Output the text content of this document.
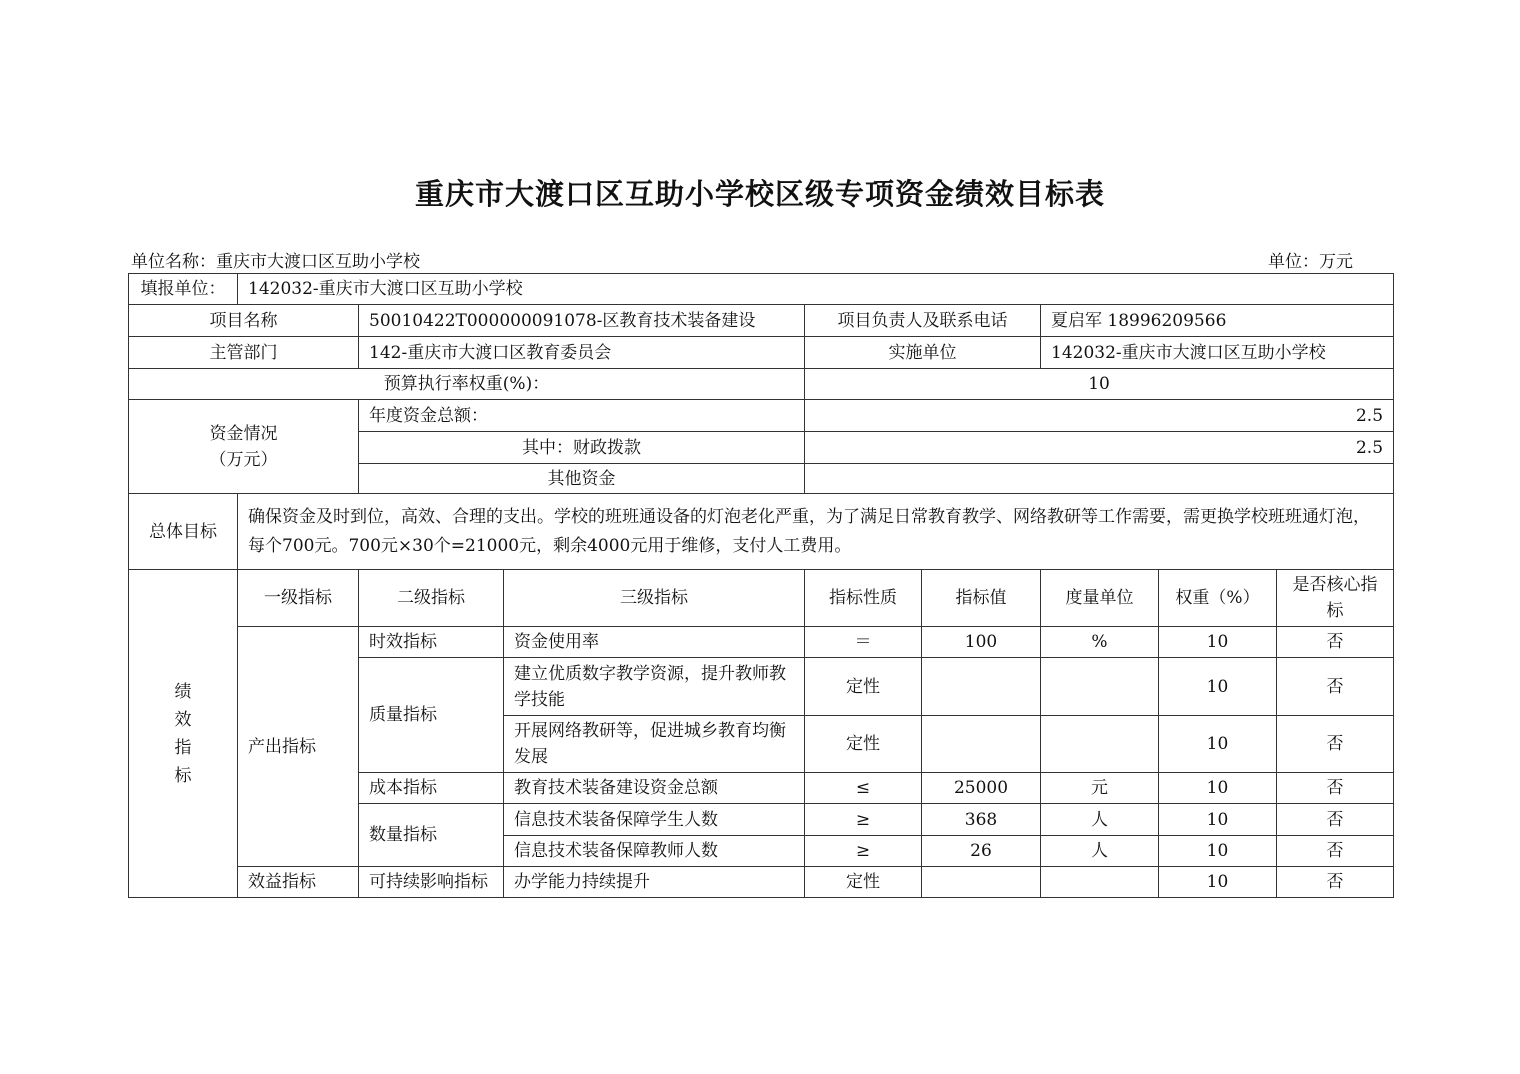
重庆市大渡口区互助小学校区级专项资金绩效目标表
单位名称：重庆市大渡口区互助小学校	单位：万元
填报单位：	142032-重庆市大渡口区互助小学校							
项目名称		50010422T000000091078-区教育技术装备建设		项目负责人及联系电话		夏启军 18996209566		
主管部门		142-重庆市大渡口区教育委员会		实施单位		142032-重庆市大渡口区互助小学校		
预算执行率权重(%)：				10				
资金情况
（万元）		年度资金总额：		2.5				
		其中：财政拨款		2.5				
		其他资金						
总体目标	确保资金及时到位，高效、合理的支出。学校的班班通设备的灯泡老化严重，为了满足日常教育教学、网络教研等工作需要，需更换学校班班通灯泡，每个700元。700元×30个=21000元，剩余4000元用于维修，支付人工费用。							
绩
效
指
标	一级指标	二级指标	三级指标	指标性质	指标值	度量单位	权重（%）	是否核心指标
	产出指标	时效指标	资金使用率	＝	100	%	10	否
		质量指标	建立优质数字教学资源，提升教师教学技能	定性			10	否
			开展网络教研等，促进城乡教育均衡发展	定性			10	否
		成本指标	教育技术装备建设资金总额	≤	25000	元	10	否
		数量指标	信息技术装备保障学生人数	≥	368	人	10	否
			信息技术装备保障教师人数	≥	26	人	10	否
	效益指标	可持续影响指标	办学能力持续提升	定性			10	否
